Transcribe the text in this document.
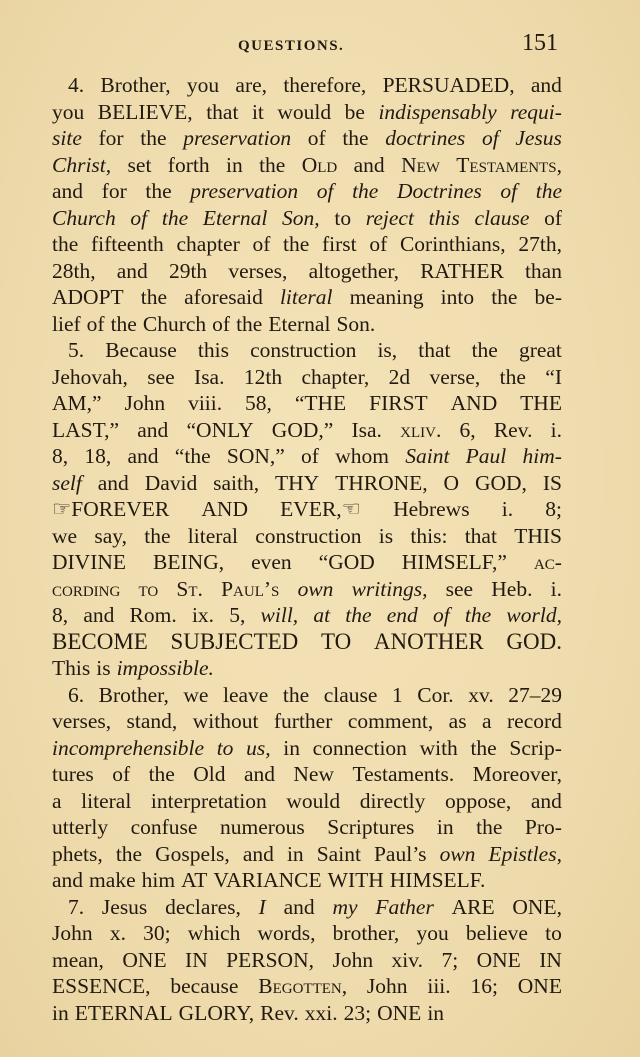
QUESTIONS.	151
4. Brother, you are, therefore, PERSUADED, and
you BELIEVE, that it would be indispensably requi-
site for the preservation of the doctrines of Jesus
Christ, set forth in the Old and New Testaments,
and for the preservation of the Doctrines of the
Church of the Eternal Son, to reject this clause of
the fifteenth chapter of the first of Corinthians, 27th,
28th, and 29th verses, altogether, RATHER than
ADOPT the aforesaid literal meaning into the be-
lief of the Church of the Eternal Son.
5. Because this construction is, that the great
Jehovah, see Isa. 12th chapter, 2d verse, the “I
AM,” John viii. 58, “THE FIRST AND THE
LAST,” and “ONLY GOD,” Isa. xliv. 6, Rev. i.
8, 18, and “the SON,” of whom Saint Paul him-
self and David saith, THY THRONE, O GOD, IS
☞FOREVER AND EVER,☜ Hebrews i. 8;
we say, the literal construction is this: that THIS
DIVINE BEING, even “GOD HIMSELF,” ac-
cording to St. Paul’s own writings, see Heb. i.
8, and Rom. ix. 5, will, at the end of the world,
BECOME SUBJECTED TO ANOTHER GOD.
This is impossible.
6. Brother, we leave the clause 1 Cor. xv. 27–29
verses, stand, without further comment, as a record
incomprehensible to us, in connection with the Scrip-
tures of the Old and New Testaments. Moreover,
a literal interpretation would directly oppose, and
utterly confuse numerous Scriptures in the Pro-
phets, the Gospels, and in Saint Paul’s own Epistles,
and make him AT VARIANCE WITH HIMSELF.
7. Jesus declares, I and my Father ARE ONE,
John x. 30; which words, brother, you believe to
mean, ONE IN PERSON, John xiv. 7; ONE IN
ESSENCE, because Begotten, John iii. 16; ONE
in ETERNAL GLORY, Rev. xxi. 23; ONE in
